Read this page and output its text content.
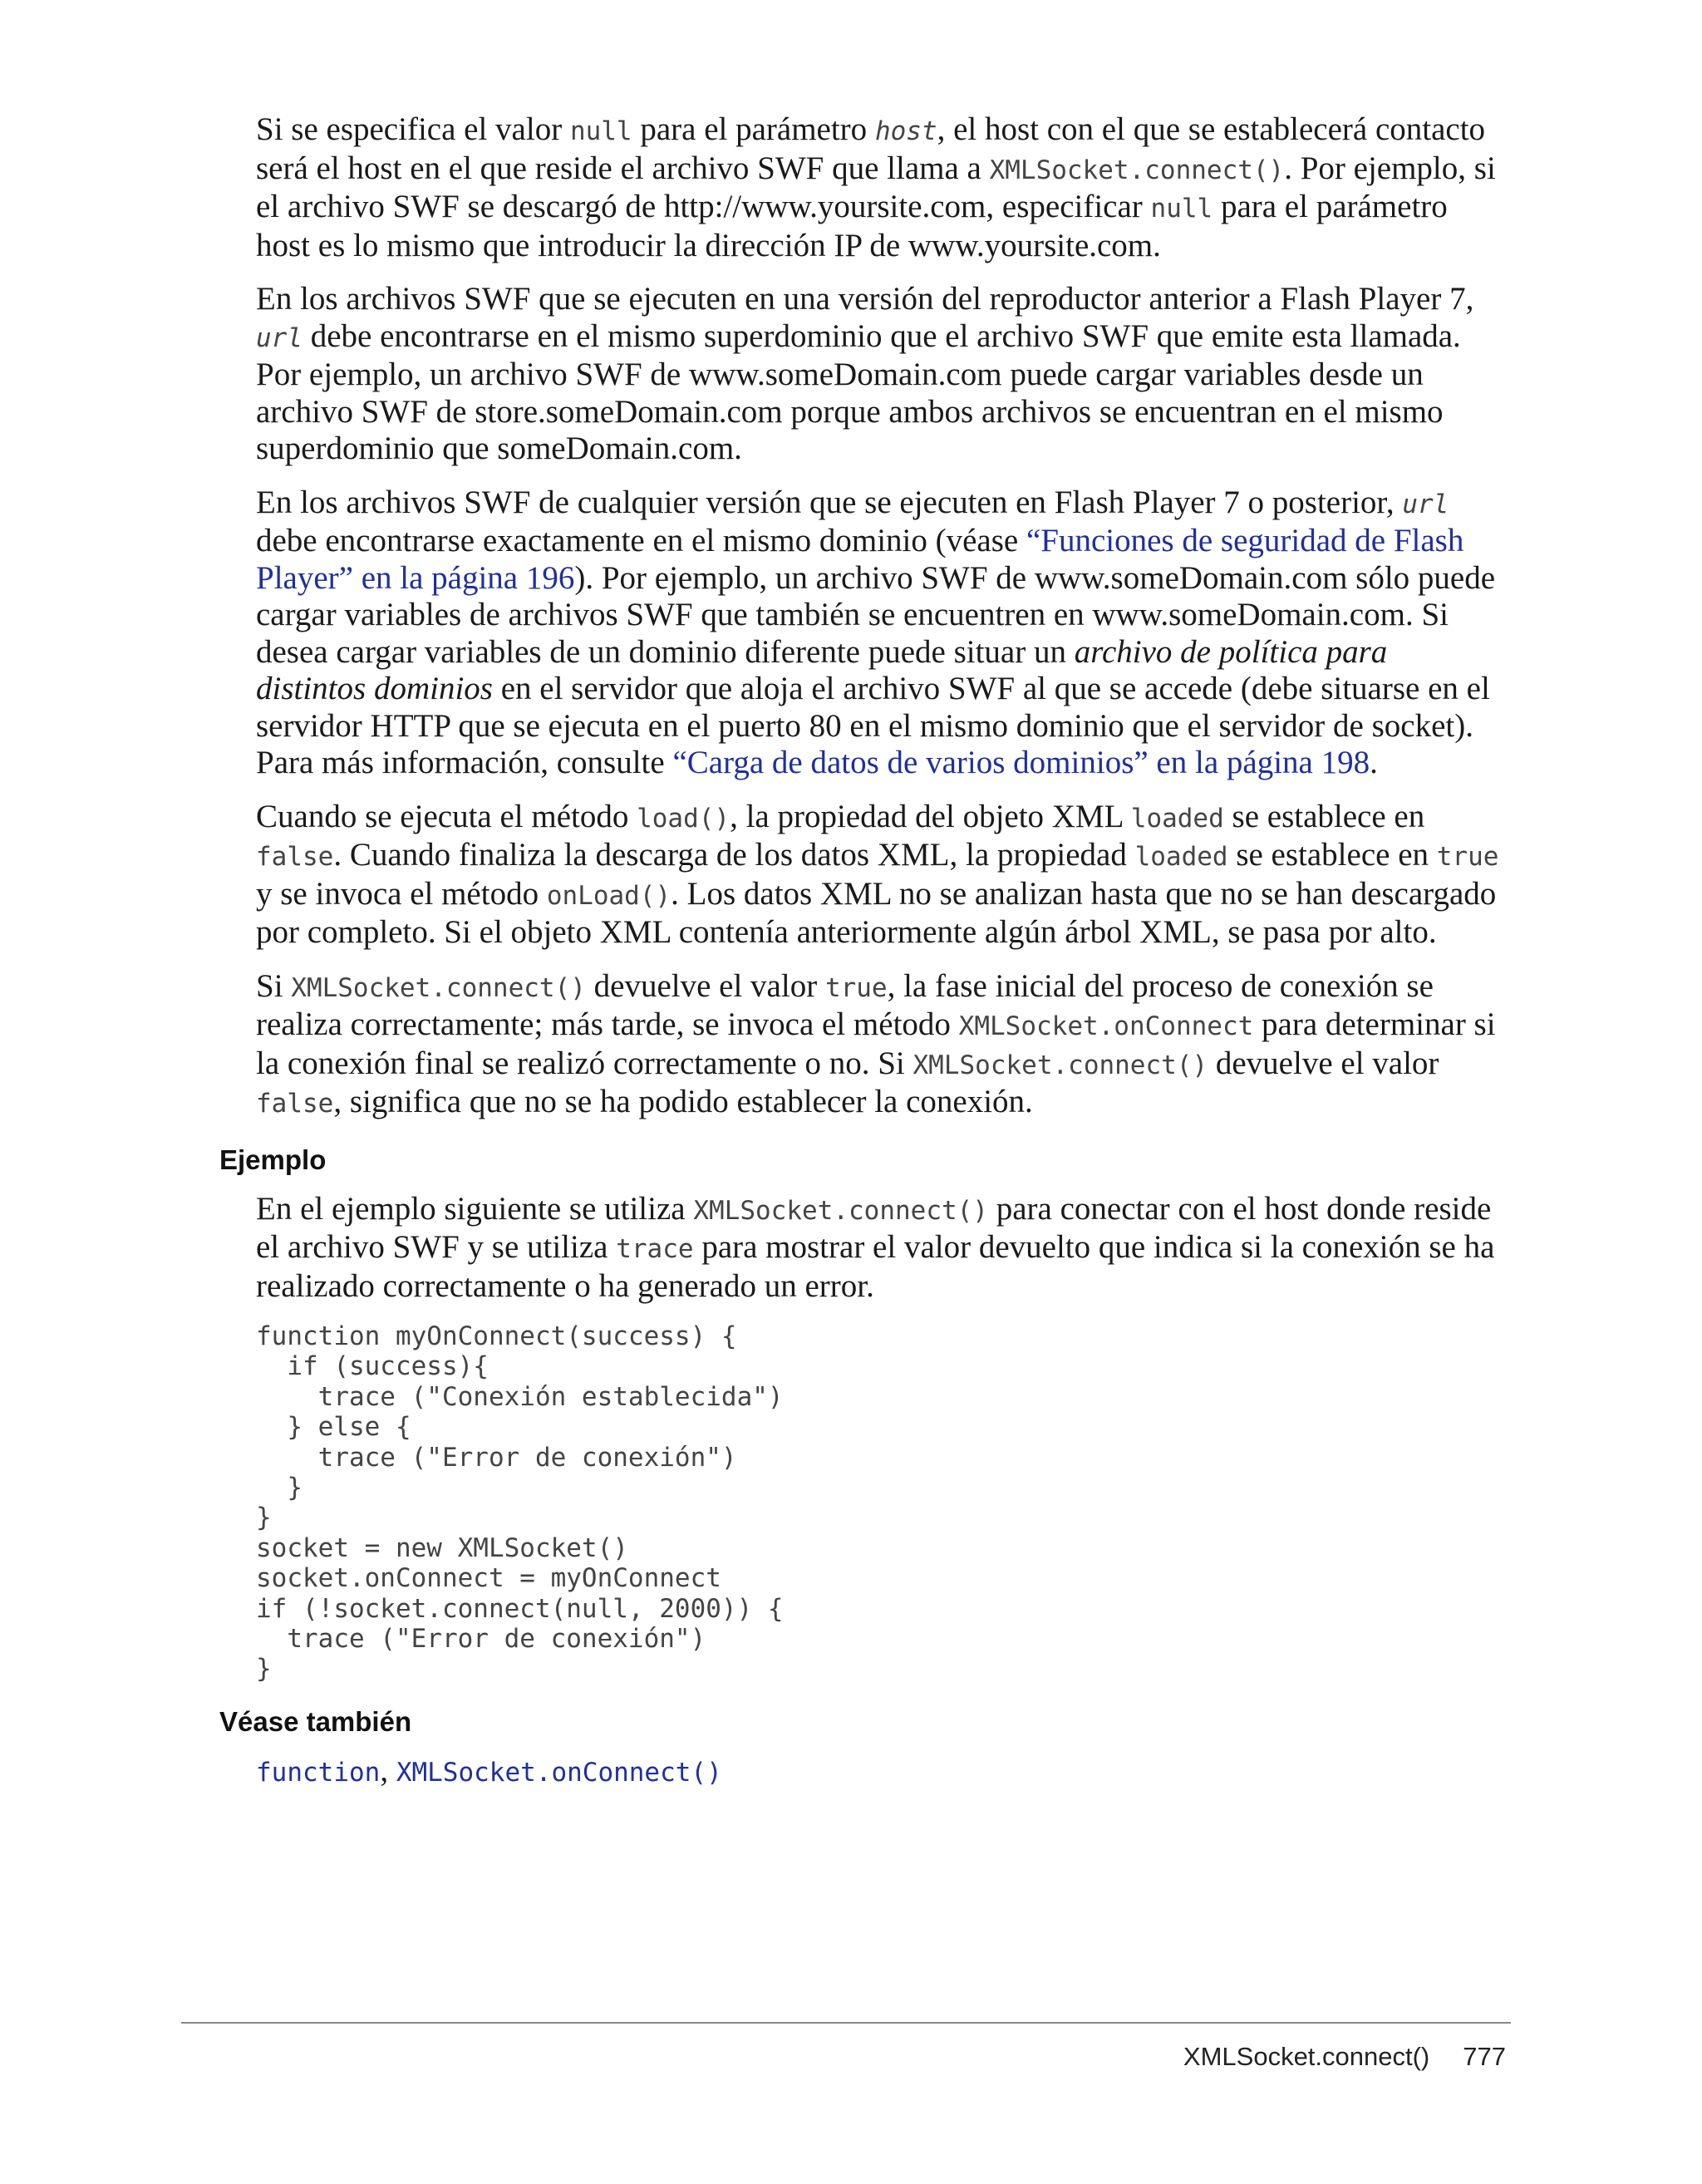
Si se especifica el valor null para el parámetro host, el host con el que se establecerá contacto será el host en el que reside el archivo SWF que llama a XMLSocket.connect(). Por ejemplo, si el archivo SWF se descargó de http://www.yoursite.com, especificar null para el parámetro host es lo mismo que introducir la dirección IP de www.yoursite.com.

En los archivos SWF que se ejecuten en una versión del reproductor anterior a Flash Player 7, url debe encontrarse en el mismo superdominio que el archivo SWF que emite esta llamada. Por ejemplo, un archivo SWF de www.someDomain.com puede cargar variables desde un archivo SWF de store.someDomain.com porque ambos archivos se encuentran en el mismo superdominio que someDomain.com.

En los archivos SWF de cualquier versión que se ejecuten en Flash Player 7 o posterior, url debe encontrarse exactamente en el mismo dominio (véase “Funciones de seguridad de Flash Player” en la página 196). Por ejemplo, un archivo SWF de www.someDomain.com sólo puede cargar variables de archivos SWF que también se encuentren en www.someDomain.com. Si desea cargar variables de un dominio diferente puede situar un archivo de política para distintos dominios en el servidor que aloja el archivo SWF al que se accede (debe situarse en el servidor HTTP que se ejecuta en el puerto 80 en el mismo dominio que el servidor de socket). Para más información, consulte “Carga de datos de varios dominios” en la página 198.

Cuando se ejecuta el método load(), la propiedad del objeto XML loaded se establece en false. Cuando finaliza la descarga de los datos XML, la propiedad loaded se establece en true y se invoca el método onLoad(). Los datos XML no se analizan hasta que no se han descargado por completo. Si el objeto XML contenía anteriormente algún árbol XML, se pasa por alto.

Si XMLSocket.connect() devuelve el valor true, la fase inicial del proceso de conexión se realiza correctamente; más tarde, se invoca el método XMLSocket.onConnect para determinar si la conexión final se realizó correctamente o no. Si XMLSocket.connect() devuelve el valor false, significa que no se ha podido establecer la conexión.

Ejemplo

En el ejemplo siguiente se utiliza XMLSocket.connect() para conectar con el host donde reside el archivo SWF y se utiliza trace para mostrar el valor devuelto que indica si la conexión se ha realizado correctamente o ha generado un error.

function myOnConnect(success) {
if (success){
trace ("Conexión establecida")
} else {
trace ("Error de conexión")
}
}
socket = new XMLSocket()
socket.onConnect = myOnConnect
if (!socket.connect(null, 2000)) {
trace ("Error de conexión")
}
Véase también

function, XMLSocket.onConnect()

XMLSocket.connect() 777
